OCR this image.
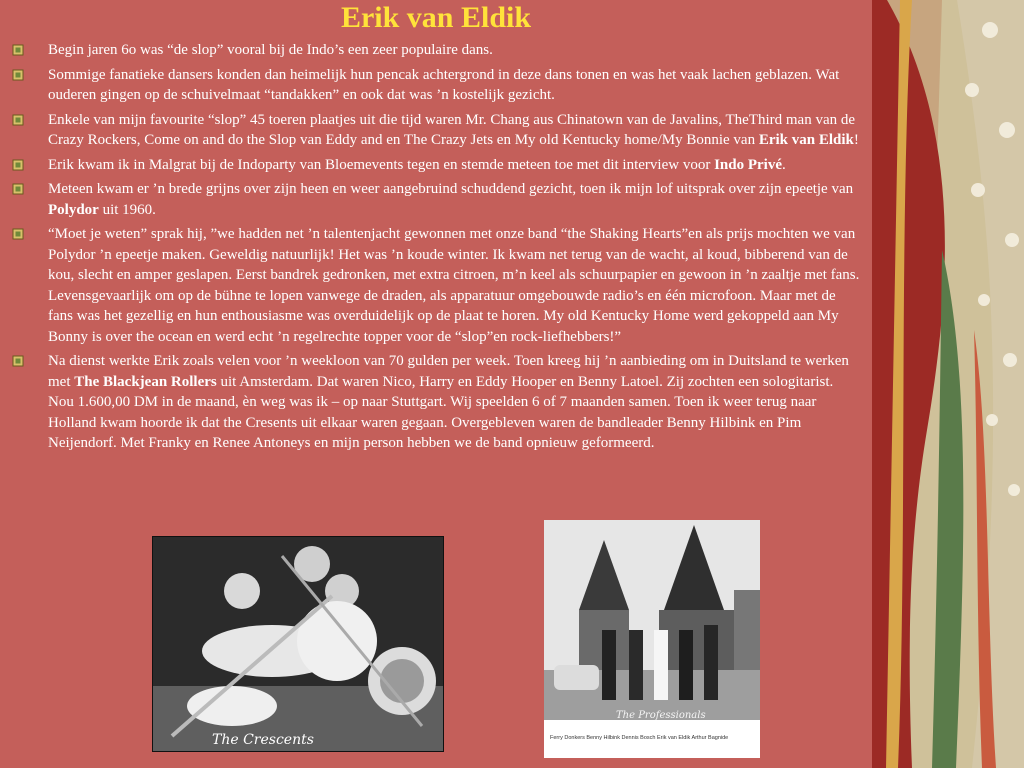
Erik van Eldik
Begin jaren 6o was “de slop” vooral bij de Indo’s een zeer populaire dans.
Sommige fanatieke dansers konden dan heimelijk hun pencak achtergrond in deze dans tonen en was het vaak lachen geblazen. Wat ouderen gingen op de schuivelmaat “tandakken” en ook dat was ’n kostelijk gezicht.
Enkele van mijn favourite “slop” 45 toeren plaatjes uit die tijd waren Mr. Chang aus Chinatown van de Javalins, TheThird man van de Crazy Rockers, Come on and do the Slop van Eddy and en The Crazy Jets en My old Kentucky home/My Bonnie van Erik van Eldik!
Erik kwam ik in Malgrat bij de Indoparty van Bloemevents tegen en stemde meteen toe met dit interview voor Indo Privé.
Meteen kwam er ’n brede grijns over zijn heen en weer aangebruind schuddend gezicht, toen ik mijn lof uitsprak over zijn epeetje van Polydor uit 1960.
“Moet je weten” sprak hij, ”we hadden net ’n talentenjacht gewonnen met onze band “the Shaking Hearts”en als prijs mochten we van Polydor ’n epeetje maken. Geweldig natuurlijk! Het was ’n koude winter. Ik kwam net terug van de wacht, al koud, bibberend van de kou, slecht en amper geslapen. Eerst bandrek gedronken, met extra citroen, m’n keel als schuurpapier en gewoon in ’n zaaltje met fans. Levensgevaarlijk om op de bühne te lopen vanwege de draden, als apparatuur omgebouwde radio’s en één microfoon. Maar met de fans was het gezellig en hun enthousiasme was overduidelijk op de plaat te horen. My old Kentucky Home werd gekoppeld aan My Bonny is over the ocean en werd echt ’n regelrechte topper voor de “slop”en rock-liefhebbers!”
Na dienst werkte Erik zoals velen voor ’n weekloon van 70 gulden per week. Toen kreeg hij ’n aanbieding om in Duitsland te werken met The Blackjean Rollers uit Amsterdam. Dat waren Nico, Harry en Eddy Hooper en Benny Latoel. Zij zochten een sologitarist. Nou 1.600,00 DM in de maand, èn weg was ik – op naar Stuttgart. Wij speelden 6 of 7 maanden samen. Toen ik weer terug naar Holland kwam hoorde ik dat the Cresents uit elkaar waren gegaan. Overgebleven waren de bandleader Benny Hilbink en Pim Neijendorf. Met Franky en Renee Antoneys en mijn person hebben we de band opnieuw geformeerd.
The Crescents
The Professionals
Ferry Donkers Benny Hilbink Dennis Bosch Erik van Eldik Arthur Bagnide
